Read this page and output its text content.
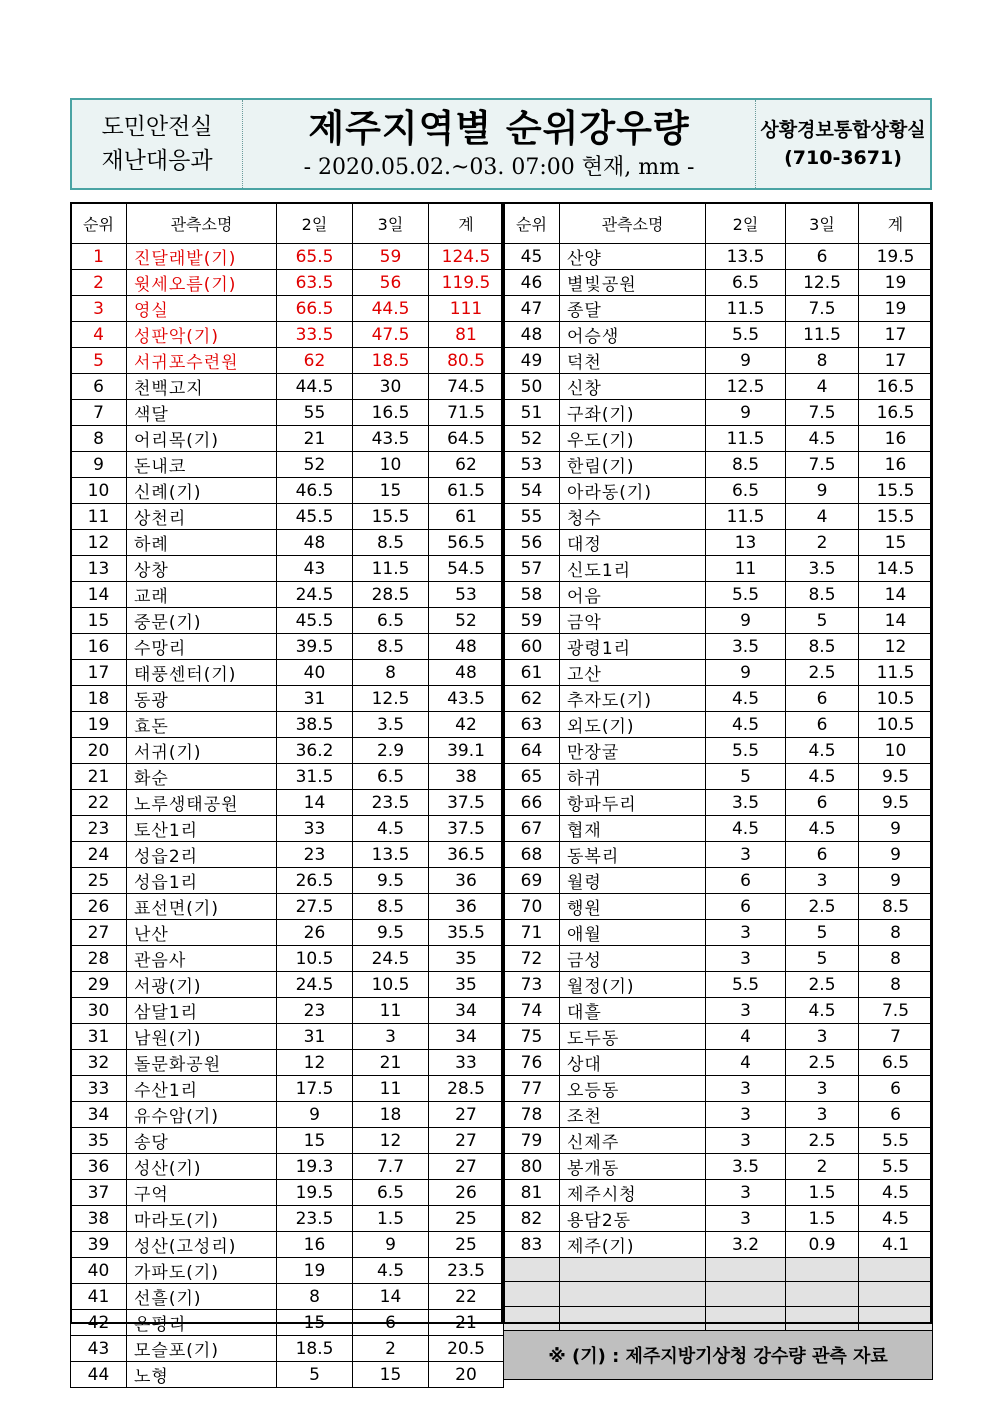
도민안전실
재난대응과
제주지역별 순위강우량
- 2020.05.02.~03. 07:00 현재, mm -
상황경보통합상황실
(710-3671)
순위	관측소명	2일	3일	계
1	진달래밭(기)	65.5	59	124.5
2	윗세오름(기)	63.5	56	119.5
3	영실	66.5	44.5	111
4	성판악(기)	33.5	47.5	81
5	서귀포수련원	62	18.5	80.5
6	천백고지	44.5	30	74.5
7	색달	55	16.5	71.5
8	어리목(기)	21	43.5	64.5
9	돈내코	52	10	62
10	신례(기)	46.5	15	61.5
11	상천리	45.5	15.5	61
12	하례	48	8.5	56.5
13	상창	43	11.5	54.5
14	교래	24.5	28.5	53
15	중문(기)	45.5	6.5	52
16	수망리	39.5	8.5	48
17	태풍센터(기)	40	8	48
18	동광	31	12.5	43.5
19	효돈	38.5	3.5	42
20	서귀(기)	36.2	2.9	39.1
21	화순	31.5	6.5	38
22	노루생태공원	14	23.5	37.5
23	토산1리	33	4.5	37.5
24	성읍2리	23	13.5	36.5
25	성읍1리	26.5	9.5	36
26	표선면(기)	27.5	8.5	36
27	난산	26	9.5	35.5
28	관음사	10.5	24.5	35
29	서광(기)	24.5	10.5	35
30	삼달1리	23	11	34
31	남원(기)	31	3	34
32	돌문화공원	12	21	33
33	수산1리	17.5	11	28.5
34	유수암(기)	9	18	27
35	송당	15	12	27
36	성산(기)	19.3	7.7	27
37	구억	19.5	6.5	26
38	마라도(기)	23.5	1.5	25
39	성산(고성리)	16	9	25
40	가파도(기)	19	4.5	23.5
41	선흘(기)	8	14	22
42	온평리	15	6	21
43	모슬포(기)	18.5	2	20.5
44	노형	5	15	20
순위	관측소명	2일	3일	계
45	산양	13.5	6	19.5
46	별빛공원	6.5	12.5	19
47	종달	11.5	7.5	19
48	어승생	5.5	11.5	17
49	덕천	9	8	17
50	신창	12.5	4	16.5
51	구좌(기)	9	7.5	16.5
52	우도(기)	11.5	4.5	16
53	한림(기)	8.5	7.5	16
54	아라동(기)	6.5	9	15.5
55	청수	11.5	4	15.5
56	대정	13	2	15
57	신도1리	11	3.5	14.5
58	어음	5.5	8.5	14
59	금악	9	5	14
60	광령1리	3.5	8.5	12
61	고산	9	2.5	11.5
62	추자도(기)	4.5	6	10.5
63	외도(기)	4.5	6	10.5
64	만장굴	5.5	4.5	10
65	하귀	5	4.5	9.5
66	항파두리	3.5	6	9.5
67	협재	4.5	4.5	9
68	동복리	3	6	9
69	월령	6	3	9
70	행원	6	2.5	8.5
71	애월	3	5	8
72	금성	3	5	8
73	월정(기)	5.5	2.5	8
74	대흘	3	4.5	7.5
75	도두동	4	3	7
76	상대	4	2.5	6.5
77	오등동	3	3	6
78	조천	3	3	6
79	신제주	3	2.5	5.5
80	봉개동	3.5	2	5.5
81	제주시청	3	1.5	4.5
82	용담2동	3	1.5	4.5
83	제주(기)	3.2	0.9	4.1

※ (기) : 제주지방기상청 강수량 관측 자료				
